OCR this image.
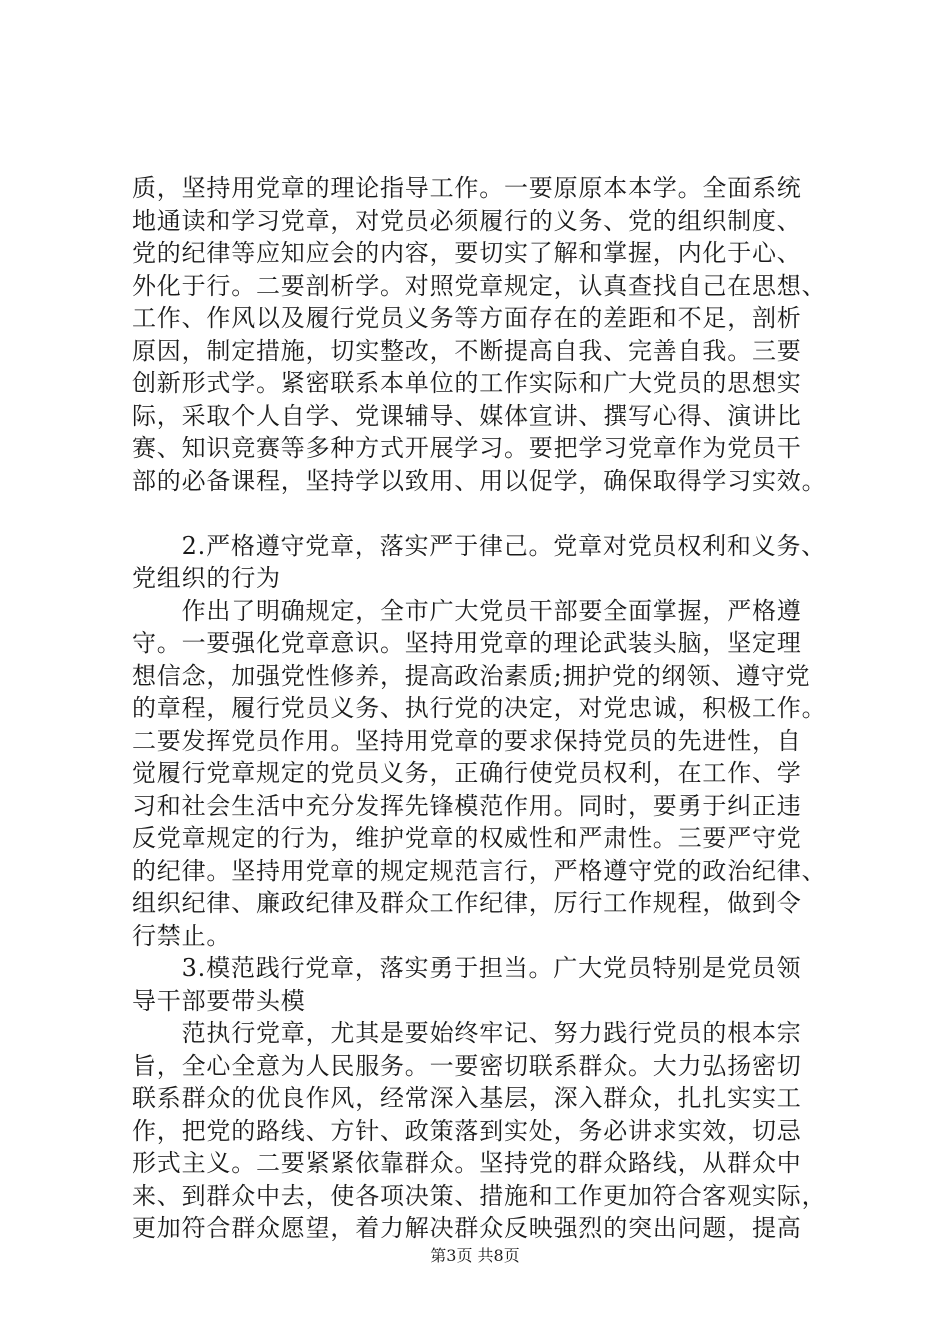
质，坚持用党章的理论指导工作。一要原原本本学。全面系统
地通读和学习党章，对党员必须履行的义务、党的组织制度、
党的纪律等应知应会的内容，要切实了解和掌握，内化于心、
外化于行。二要剖析学。对照党章规定，认真查找自己在思想、
工作、作风以及履行党员义务等方面存在的差距和不足，剖析
原因，制定措施，切实整改，不断提高自我、完善自我。三要
创新形式学。紧密联系本单位的工作实际和广大党员的思想实
际，采取个人自学、党课辅导、媒体宣讲、撰写心得、演讲比
赛、知识竞赛等多种方式开展学习。要把学习党章作为党员干
部的必备课程，坚持学以致用、用以促学，确保取得学习实效。
　　2.严格遵守党章，落实严于律己。党章对党员权利和义务、
党组织的行为
　　作出了明确规定，全市广大党员干部要全面掌握，严格遵
守。一要强化党章意识。坚持用党章的理论武装头脑，坚定理
想信念，加强党性修养，提高政治素质;拥护党的纲领、遵守党
的章程，履行党员义务、执行党的决定，对党忠诚，积极工作。
二要发挥党员作用。坚持用党章的要求保持党员的先进性，自
觉履行党章规定的党员义务，正确行使党员权利，在工作、学
习和社会生活中充分发挥先锋模范作用。同时，要勇于纠正违
反党章规定的行为，维护党章的权威性和严肃性。三要严守党
的纪律。坚持用党章的规定规范言行，严格遵守党的政治纪律、
组织纪律、廉政纪律及群众工作纪律，厉行工作规程，做到令
行禁止。
　　3.模范践行党章，落实勇于担当。广大党员特别是党员领
导干部要带头模
　　范执行党章，尤其是要始终牢记、努力践行党员的根本宗
旨，全心全意为人民服务。一要密切联系群众。大力弘扬密切
联系群众的优良作风，经常深入基层，深入群众，扎扎实实工
作，把党的路线、方针、政策落到实处，务必讲求实效，切忌
形式主义。二要紧紧依靠群众。坚持党的群众路线，从群众中
来、到群众中去，使各项决策、措施和工作更加符合客观实际，
更加符合群众愿望，着力解决群众反映强烈的突出问题，提高
第3页 共8页
